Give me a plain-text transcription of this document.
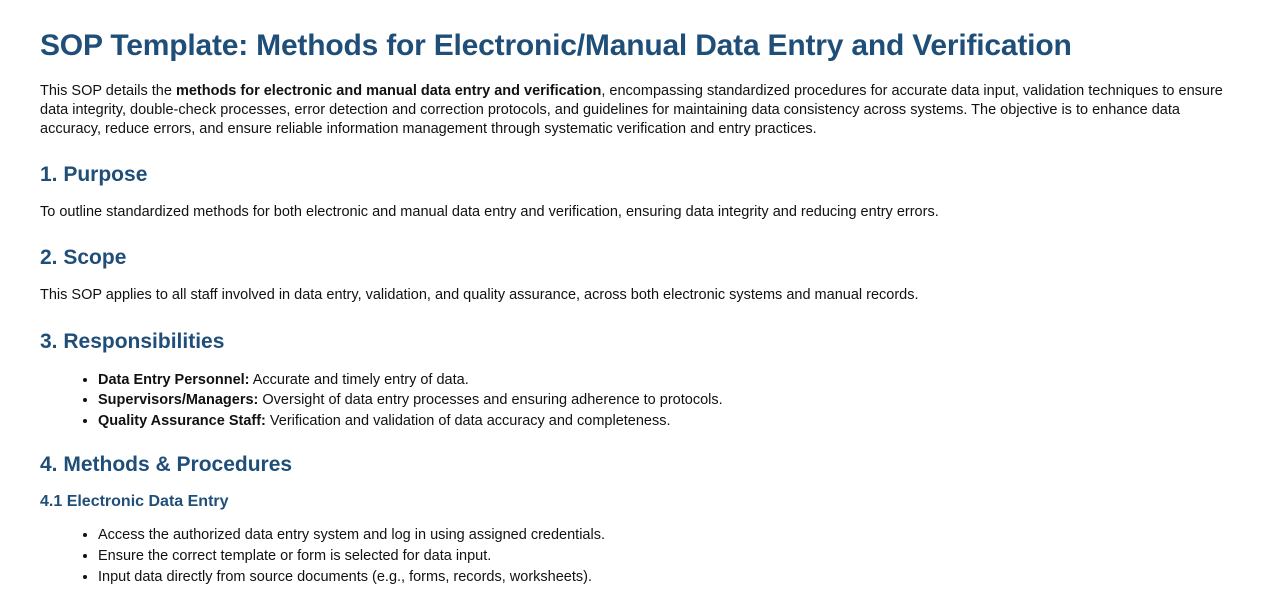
SOP Template: Methods for Electronic/Manual Data Entry and Verification

This SOP details the methods for electronic and manual data entry and verification, encompassing standardized procedures for accurate data input, validation techniques to ensure data integrity, double-check processes, error detection and correction protocols, and guidelines for maintaining data consistency across systems. The objective is to enhance data accuracy, reduce errors, and ensure reliable information management through systematic verification and entry practices.

1. Purpose

To outline standardized methods for both electronic and manual data entry and verification, ensuring data integrity and reducing entry errors.

2. Scope

This SOP applies to all staff involved in data entry, validation, and quality assurance, across both electronic systems and manual records.

3. Responsibilities
• Data Entry Personnel: Accurate and timely entry of data.
• Supervisors/Managers: Oversight of data entry processes and ensuring adherence to protocols.
• Quality Assurance Staff: Verification and validation of data accuracy and completeness.
4. Methods & Procedures
4.1 Electronic Data Entry
• Access the authorized data entry system and log in using assigned credentials.
• Ensure the correct template or form is selected for data input.
• Input data directly from source documents (e.g., forms, records, worksheets).
